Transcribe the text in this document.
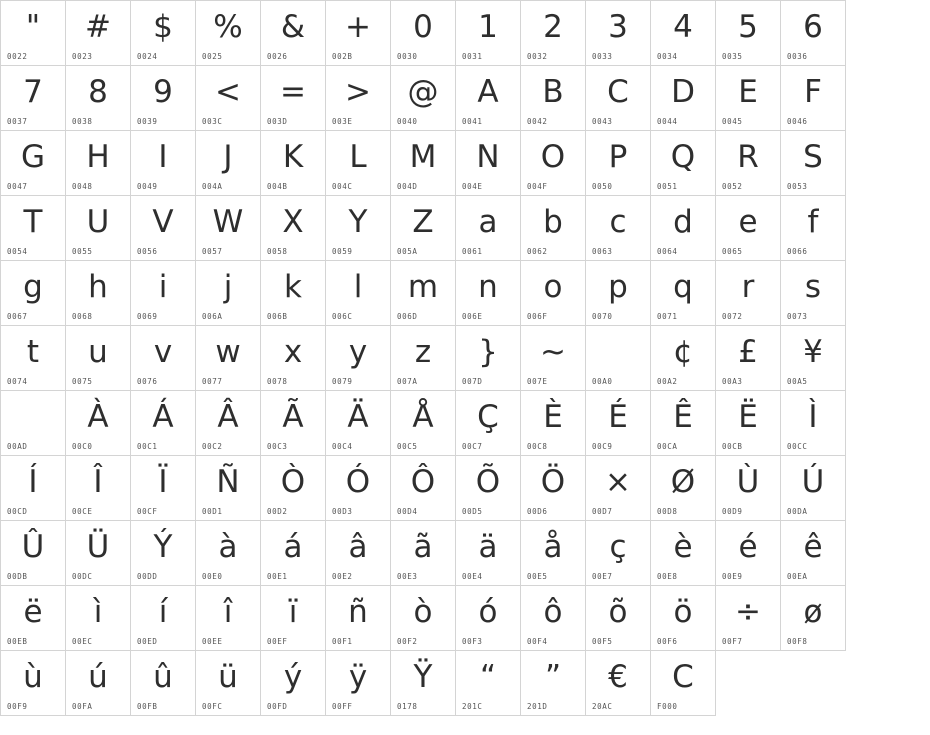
"
0022
#
0023
$
0024
%
0025
&
0026
+
002B
0
0030
1
0031
2
0032
3
0033
4
0034
5
0035
6
0036
7
0037
8
0038
9
0039
<
003C
=
003D
>
003E
@
0040
A
0041
B
0042
C
0043
D
0044
E
0045
F
0046
G
0047
H
0048
I
0049
J
004A
K
004B
L
004C
M
004D
N
004E
O
004F
P
0050
Q
0051
R
0052
S
0053
T
0054
U
0055
V
0056
W
0057
X
0058
Y
0059
Z
005A
a
0061
b
0062
c
0063
d
0064
e
0065
f
0066
g
0067
h
0068
i
0069
j
006A
k
006B
l
006C
m
006D
n
006E
o
006F
p
0070
q
0071
r
0072
s
0073
t
0074
u
0075
v
0076
w
0077
x
0078
y
0079
z
007A
}
007D
~
007E
	00A0
¢
00A2
£
00A3
¥
00A5

00AD
À
00C0
Á
00C1
Â
00C2
Ã
00C3
Ä
00C4
Å
00C5
Ç
00C7
È
00C8
É
00C9
Ê
00CA
Ë
00CB
Ì
00CC
Í
00CD
Î
00CE
Ï
00CF
Ñ
00D1
Ò
00D2
Ó
00D3
Ô
00D4
Õ
00D5
Ö
00D6
×
00D7
Ø
00D8
Ù
00D9
Ú
00DA
Û
00DB
Ü
00DC
Ý
00DD
à
00E0
á
00E1
â
00E2
ã
00E3
ä
00E4
å
00E5
ç
00E7
è
00E8
é
00E9
ê
00EA
ë
00EB
ì
00EC
í
00ED
î
00EE
ï
00EF
ñ
00F1
ò
00F2
ó
00F3
ô
00F4
õ
00F5
ö
00F6
÷
00F7
ø
00F8
ù
00F9
ú
00FA
û
00FB
ü
00FC
ý
00FD
ÿ
00FF
Ÿ
0178
“
201C
”
201D
€
20AC
C
F000
